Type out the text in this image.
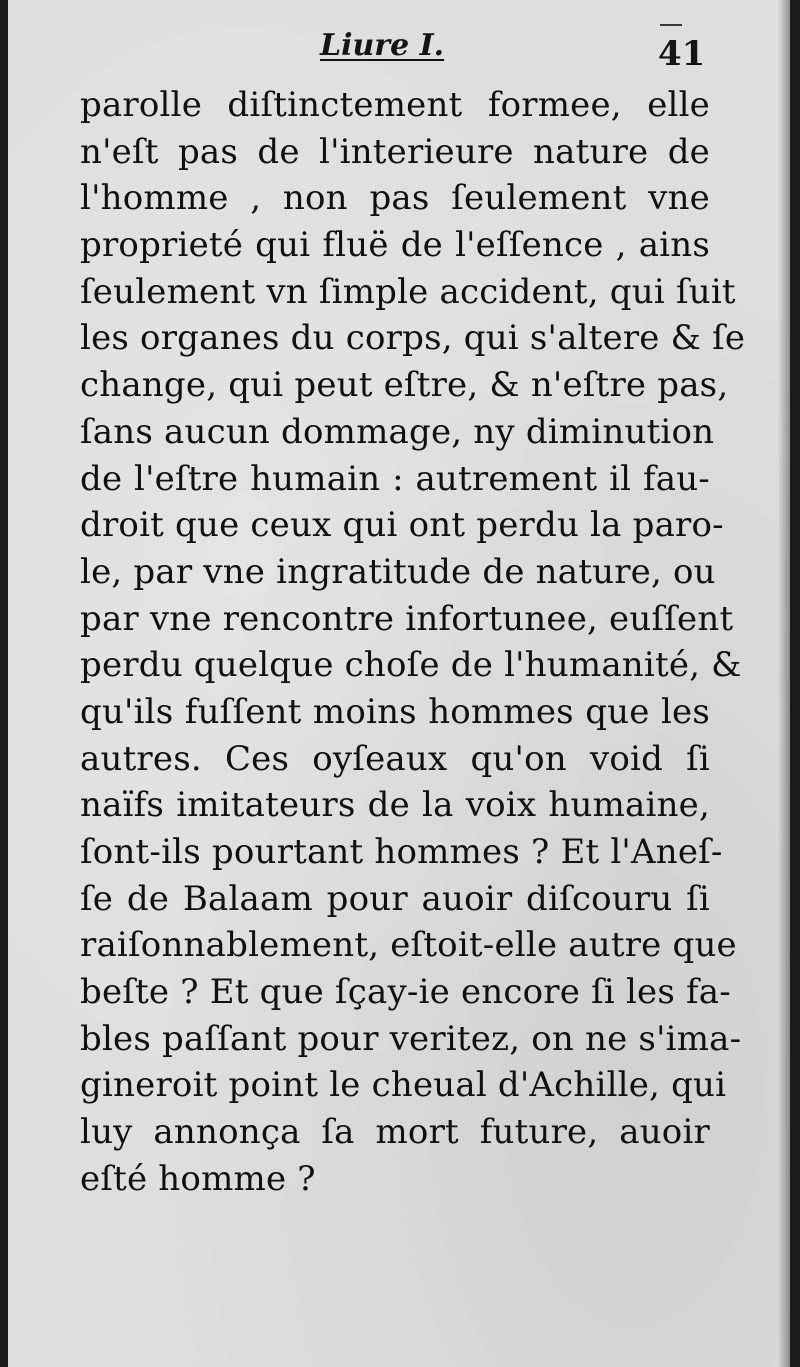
Liure I.	41
parolle diſtinctement formee, elle
n'eſt pas de l'interieure nature de
l'homme , non pas ſeulement vne
proprieté qui fluë de l'eſſence , ains
ſeulement vn ſimple accident, qui ſuit
les organes du corps, qui s'altere & ſe
change, qui peut eſtre, & n'eſtre pas,
ſans aucun dommage, ny diminution
de l'eſtre humain : autrement il fau-
droit que ceux qui ont perdu la paro-
le, par vne ingratitude de nature, ou
par vne rencontre infortunee, euſſent
perdu quelque choſe de l'humanité, &
qu'ils fuſſent moins hommes que les
autres. Ces oyſeaux qu'on void ſi
naïfs imitateurs de la voix humaine,
ſont-ils pourtant hommes ? Et l'Aneſ-
ſe de Balaam pour auoir diſcouru ſi
raiſonnablement, eſtoit-elle autre que
beſte ? Et que ſçay-ie encore ſi les fa-
bles paſſant pour veritez, on ne s'ima-
gineroit point le cheual d'Achille, qui
luy annonça ſa mort future, auoir
eſté homme ?
